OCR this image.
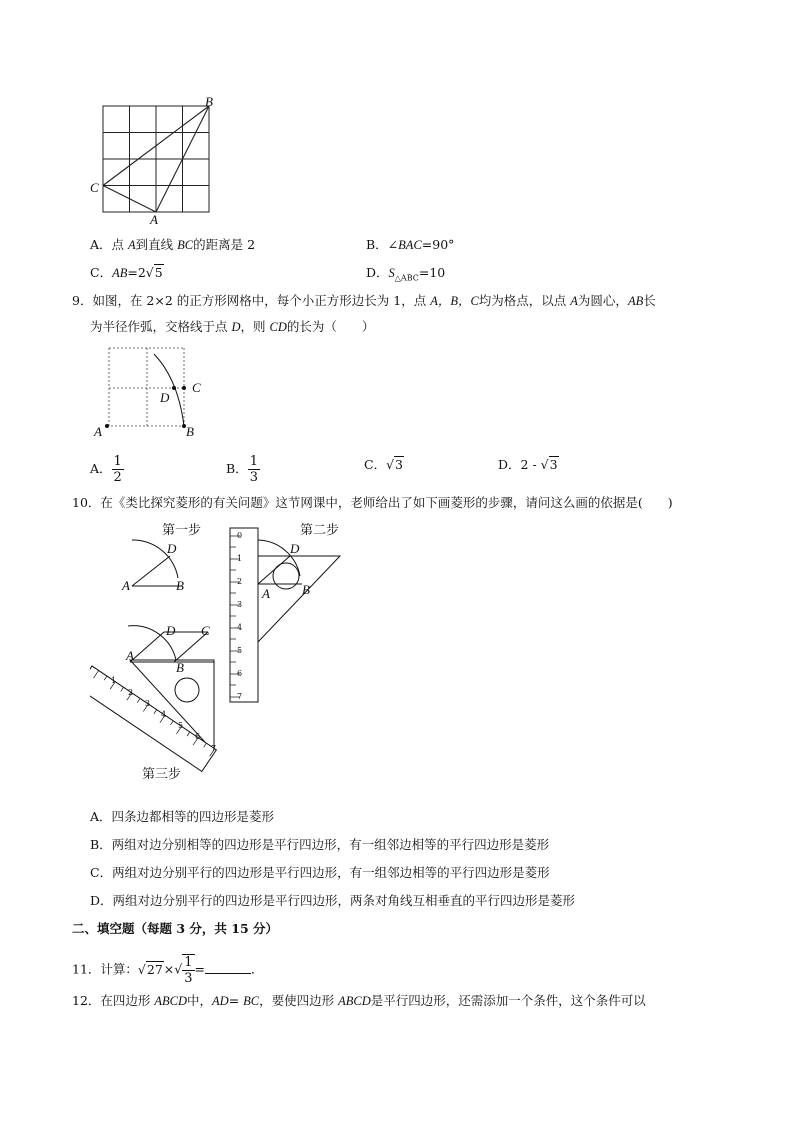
B
C
A
A．点 A到直线 BC的距离是 2	B．∠BAC=90°
C．AB=2√5	D．$S_{\triangle ABC}=10$
9．如图，在 2×2 的正方形网格中，每个小正方形边长为 1，点 A，B，C均为格点，以点 A为圆心，AB长
为半径作弧，交格线于点 D，则 CD的长为（　　）
C
D
A	B
A． $\frac{1}{2}$	B． $\frac{1}{3}$	C．√3	D．2 - √3
10．在《类比探究菱形的有关问题》这节网课中，老师给出了如下画菱形的步骤，请问这么画的依据是(　　)
第一步
D
A	B
第二步
0
1
2
3
4
5
6
7
D
A B
D C
A
B
1
2
3
4
5
6
7
第三步
A．四条边都相等的四边形是菱形
B．两组对边分别相等的四边形是平行四边形，有一组邻边相等的平行四边形是菱形
C．两组对边分别平行的四边形是平行四边形，有一组邻边相等的平行四边形是菱形
D．两组对边分别平行的四边形是平行四边形，两条对角线互相垂直的平行四边形是菱形
二、填空题（每题 3 分，共 15 分）
11．计算：$√27\times√ \frac{1}{3}$ =	．
12．在四边形 ABCD中，AD= BC，要使四边形 ABCD是平行四边形，还需添加一个条件，这个条件可以
